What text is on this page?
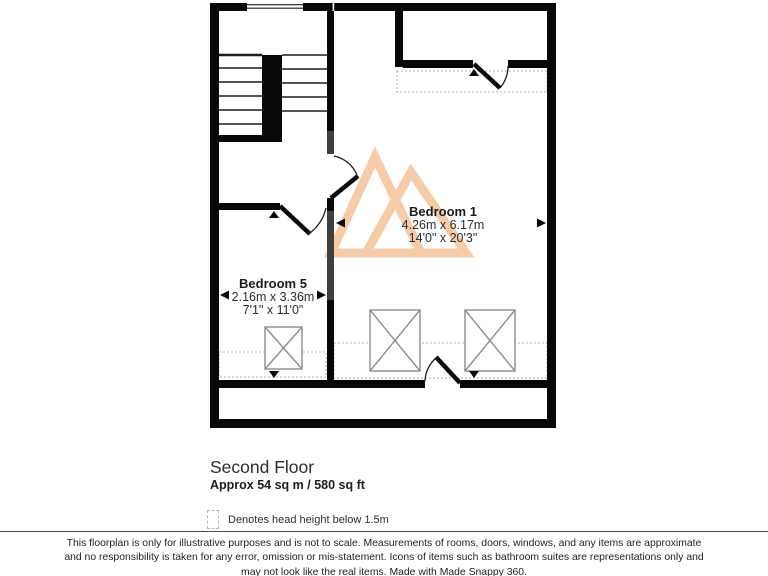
Bedroom 1
4.26m x 6.17m
14'0" x 20'3"
Bedroom 5
2.16m x 3.36m
7'1" x 11'0"
Second Floor
Approx 54 sq m / 580 sq ft
Denotes head height below 1.5m
This floorplan is only for illustrative purposes and is not to scale. Measurements of rooms, doors, windows, and any items are approximate
and no responsibility is taken for any error, omission or mis-statement. Icons of items such as bathroom suites are representations only and
may not look like the real items. Made with Made Snappy 360.
